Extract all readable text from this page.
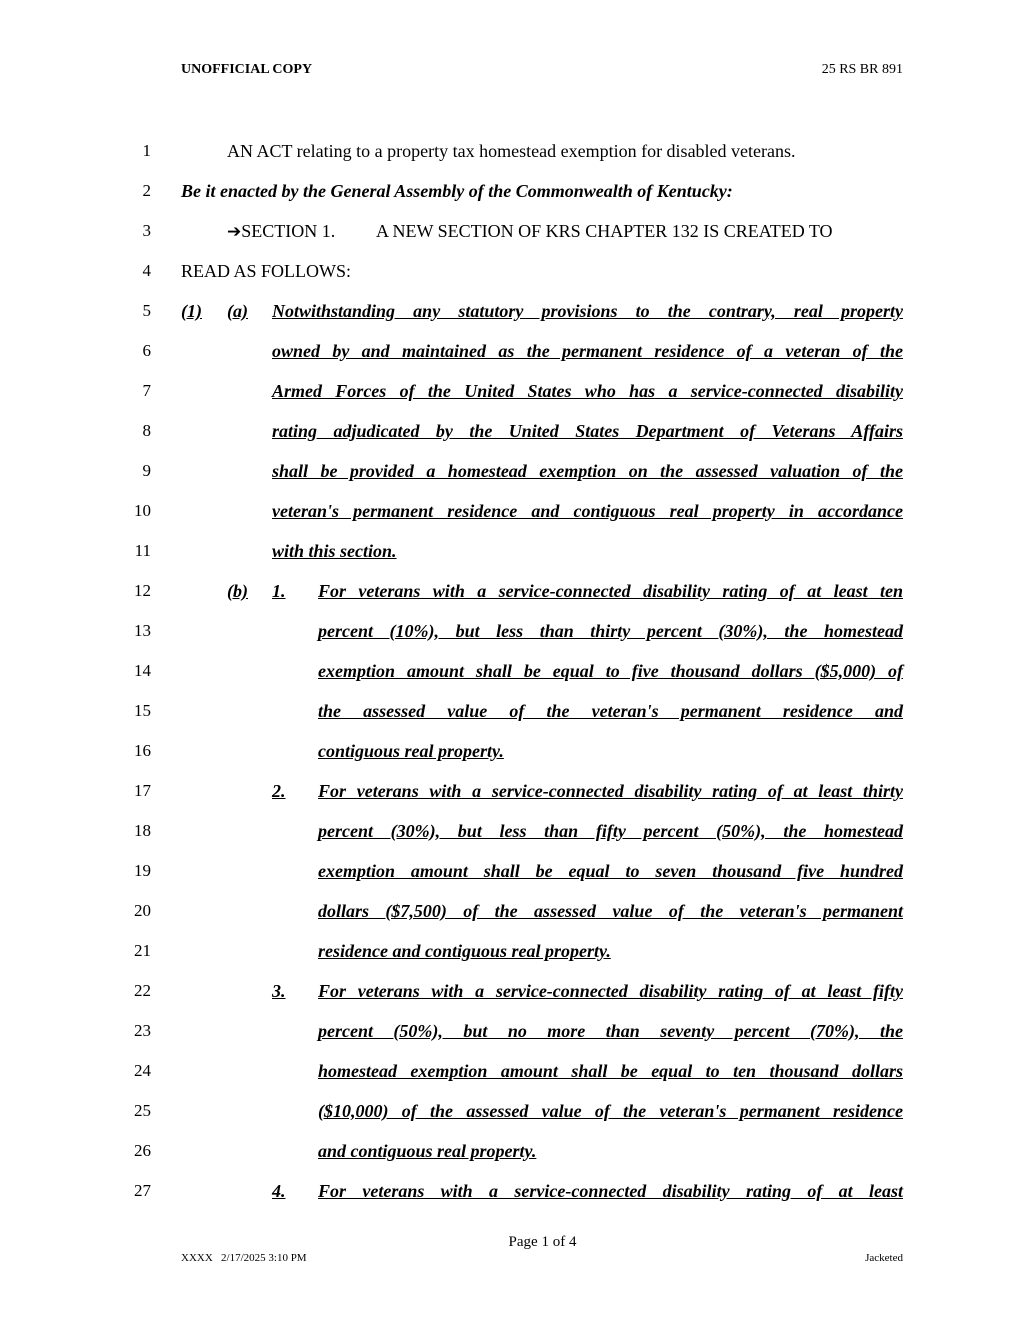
UNOFFICIAL COPY	25 RS BR 891
1
2
3
4
5
6
7
8
9
10
11
12
13
14
15
16
17
18
19
20
21
22
23
24
25
26
27
AN ACT relating to a property tax homestead exemption for disabled veterans.
Be it enacted by the General Assembly of the Commonwealth of Kentucky:
➔SECTION 1. A NEW SECTION OF KRS CHAPTER 132 IS CREATED TO
READ AS FOLLOWS:
(1) (a) Notwithstanding any statutory provisions to the contrary, real property
owned by and maintained as the permanent residence of a veteran of the
Armed Forces of the United States who has a service-connected disability
rating adjudicated by the United States Department of Veterans Affairs
shall be provided a homestead exemption on the assessed valuation of the
veteran's permanent residence and contiguous real property in accordance
with this section.
(b) 1. For veterans with a service-connected disability rating of at least ten
percent (10%), but less than thirty percent (30%), the homestead
exemption amount shall be equal to five thousand dollars ($5,000) of
the assessed value of the veteran's permanent residence and
contiguous real property.
2. For veterans with a service-connected disability rating of at least thirty
percent (30%), but less than fifty percent (50%), the homestead
exemption amount shall be equal to seven thousand five hundred
dollars ($7,500) of the assessed value of the veteran's permanent
residence and contiguous real property.
3. For veterans with a service-connected disability rating of at least fifty
percent (50%), but no more than seventy percent (70%), the
homestead exemption amount shall be equal to ten thousand dollars
($10,000) of the assessed value of the veteran's permanent residence
and contiguous real property.
4. For veterans with a service-connected disability rating of at least
Page 1 of 4
XXXX   2/17/2025 3:10 PM	Jacketed
